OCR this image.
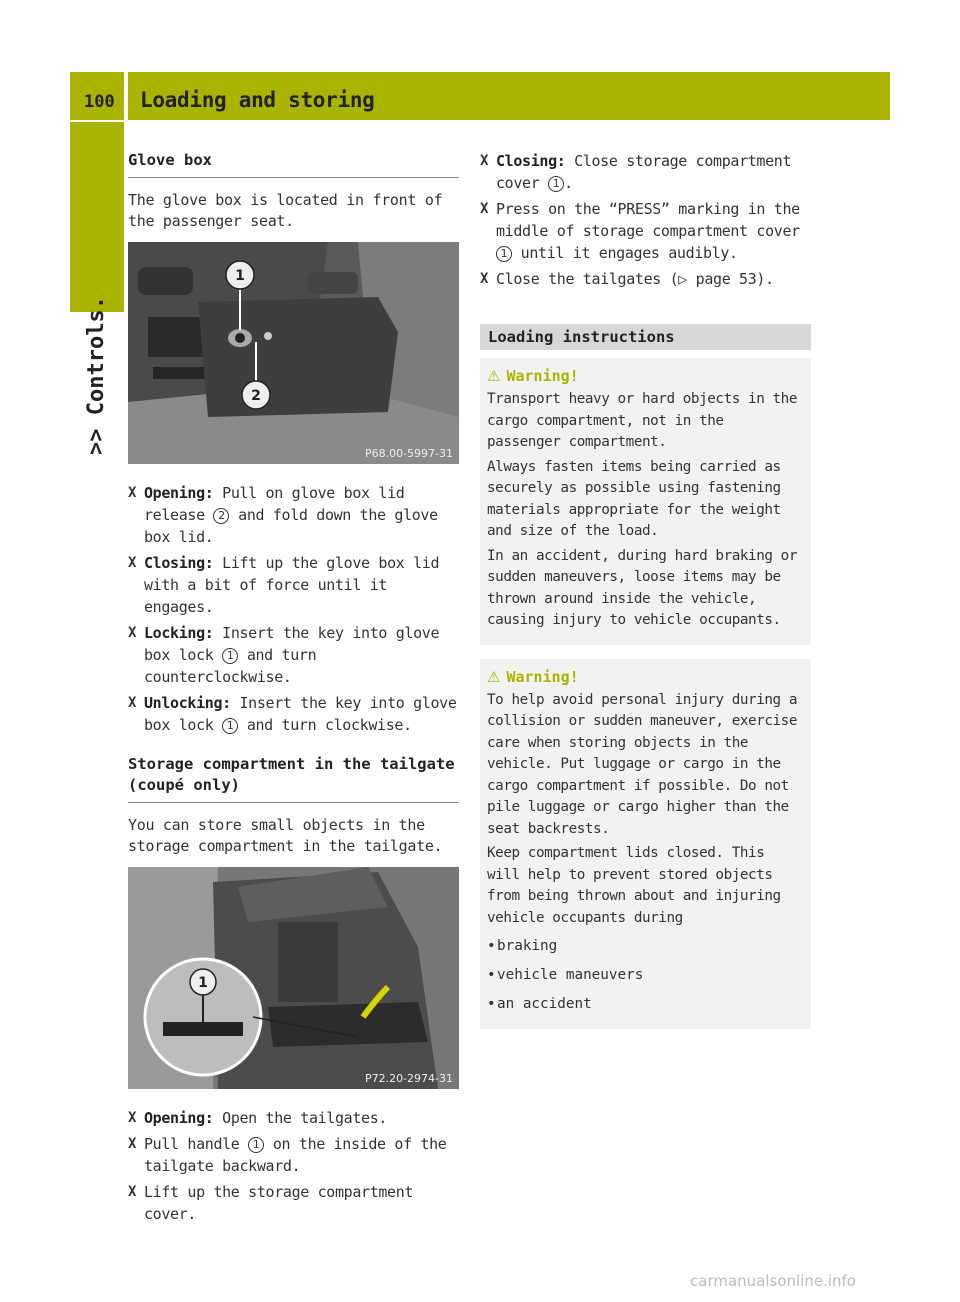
100 Loading and storing
>> Controls.
Glove box
The glove box is located in front of the passenger seat.
1
2
P68.00-5997-31
X Opening: Pull on glove box lid release 2 and fold down the glove box lid.
X Closing: Lift up the glove box lid with a bit of force until it engages.
X Locking: Insert the key into glove box lock 1 and turn counterclockwise.
X Unlocking: Insert the key into glove box lock 1 and turn clockwise.
Storage compartment in the tailgate (coupé only)
You can store small objects in the storage compartment in the tailgate.
1
P72.20-2974-31
X Opening: Open the tailgates.
X Pull handle 1 on the inside of the tailgate backward.
X Lift up the storage compartment cover.
X Closing: Close storage compartment cover 1 .
X Press on the “PRESS” marking in the middle of storage compartment cover 1 until it engages audibly.
X Close the tailgates (▷ page 53).
Loading instructions
⚠ Warning!
Transport heavy or hard objects in the cargo compartment, not in the passenger compartment.
Always fasten items being carried as securely as possible using fastening materials appropriate for the weight and size of the load.
In an accident, during hard braking or sudden maneuvers, loose items may be thrown around inside the vehicle, causing injury to vehicle occupants.
⚠ Warning!
To help avoid personal injury during a collision or sudden maneuver, exercise care when storing objects in the vehicle. Put luggage or cargo in the cargo compartment if possible. Do not pile luggage or cargo higher than the seat backrests.
Keep compartment lids closed. This will help to prevent stored objects from being thrown about and injuring vehicle occupants during
• braking
• vehicle maneuvers
• an accident
carmanualsonline.info
